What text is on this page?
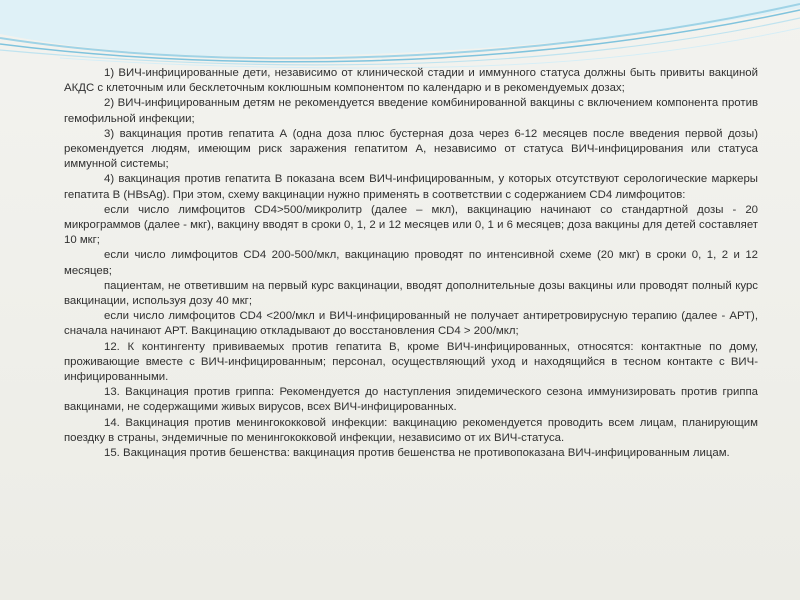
1) ВИЧ-инфицированные дети, независимо от клинической стадии и иммунного статуса должны быть привиты вакциной АКДС с клеточным или бесклеточным коклюшным компонентом по календарю и в рекомендуемых дозах;

2) ВИЧ-инфицированным детям не рекомендуется введение комбинированной вакцины с включением компонента против гемофильной инфекции;

3) вакцинация против гепатита А (одна доза плюс бустерная доза через 6-12 месяцев после введения первой дозы) рекомендуется людям, имеющим риск заражения гепатитом А, независимо от статуса ВИЧ-инфицирования или статуса иммунной системы;

4) вакцинация против гепатита В показана всем ВИЧ-инфицированным, у которых отсутствуют серологические маркеры гепатита В (HBsAg). При этом, схему вакцинации нужно применять в соответствии с содержанием CD4 лимфоцитов:

если число лимфоцитов CD4>500/микролитр (далее – мкл), вакцинацию начинают со стандартной дозы - 20 микрограммов (далее - мкг), вакцину вводят в сроки 0, 1, 2 и 12 месяцев или 0, 1 и 6 месяцев; доза вакцины для детей составляет 10 мкг;

если число лимфоцитов CD4 200-500/мкл, вакцинацию проводят по интенсивной схеме (20 мкг) в сроки 0, 1, 2 и 12 месяцев;

пациентам, не ответившим на первый курс вакцинации, вводят дополнительные дозы вакцины или проводят полный курс вакцинации, используя дозу 40 мкг;

если число лимфоцитов CD4 <200/мкл и ВИЧ-инфицированный не получает антиретровирусную терапию (далее - АРТ), сначала начинают АРТ. Вакцинацию откладывают до восстановления CD4 > 200/мкл;

12. К контингенту прививаемых против гепатита В, кроме ВИЧ-инфицированных, относятся: контактные по дому, проживающие вместе с ВИЧ-инфицированным; персонал, осуществляющий уход и находящийся в тесном контакте с ВИЧ-инфицированными.

13. Вакцинация против гриппа: Рекомендуется до наступления эпидемического сезона иммунизировать против гриппа вакцинами, не содержащими живых вирусов, всех ВИЧ-инфицированных.

14. Вакцинация против менингококковой инфекции: вакцинацию рекомендуется проводить всем лицам, планирующим поездку в страны, эндемичные по менингококковой инфекции, независимо от их ВИЧ-статуса.

15. Вакцинация против бешенства: вакцинация против бешенства не противопоказана ВИЧ-инфицированным лицам.
